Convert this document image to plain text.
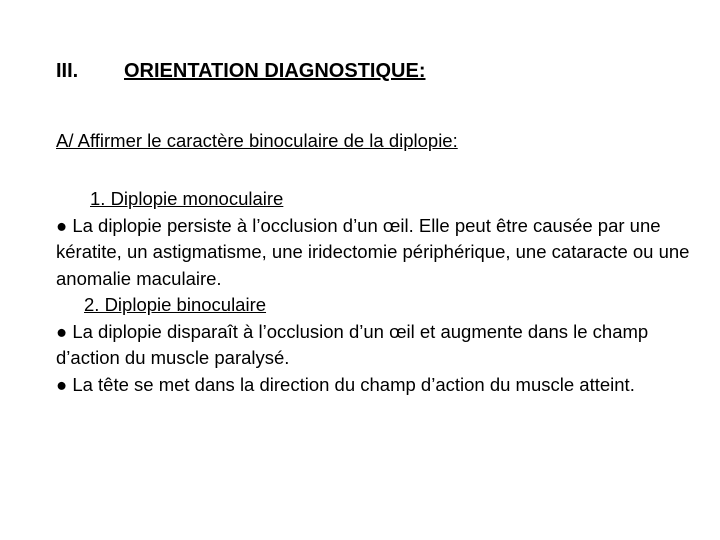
III. ORIENTATION DIAGNOSTIQUE:
A/ Affirmer le caractère binoculaire de la diplopie:

1. Diplopie monoculaire

● La diplopie persiste à l’occlusion d’un œil. Elle peut être causée par une kératite, un astigmatisme, une iridectomie périphérique, une cataracte ou une anomalie maculaire.

2. Diplopie binoculaire

● La diplopie disparaît à l’occlusion d’un œil et augmente dans le champ d’action du muscle paralysé.

● La tête se met dans la direction du champ d’action du muscle atteint.
